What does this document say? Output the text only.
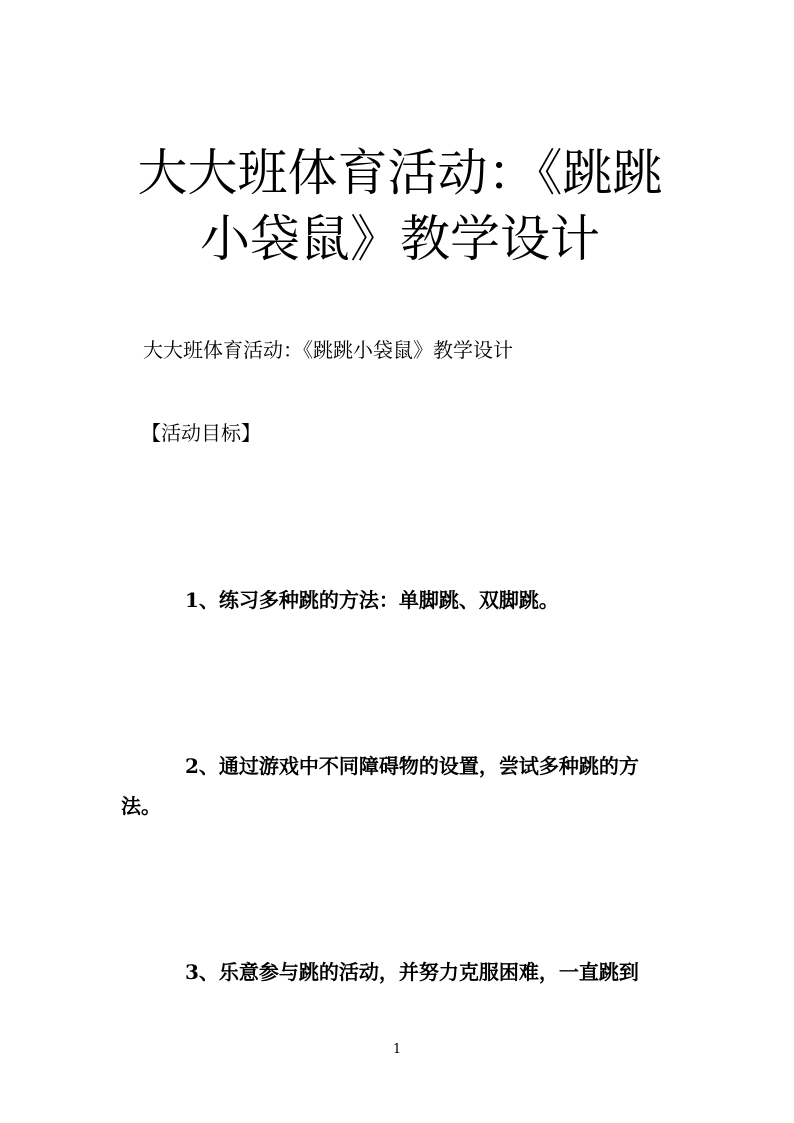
大大班体育活动：《跳跳
小袋鼠》教学设计

大大班体育活动：《跳跳小袋鼠》教学设计

【活动目标】

1、练习多种跳的方法：单脚跳、双脚跳。

2、通过游戏中不同障碍物的设置，尝试多种跳的方

法。

3、乐意参与跳的活动，并努力克服困难，一直跳到

1
